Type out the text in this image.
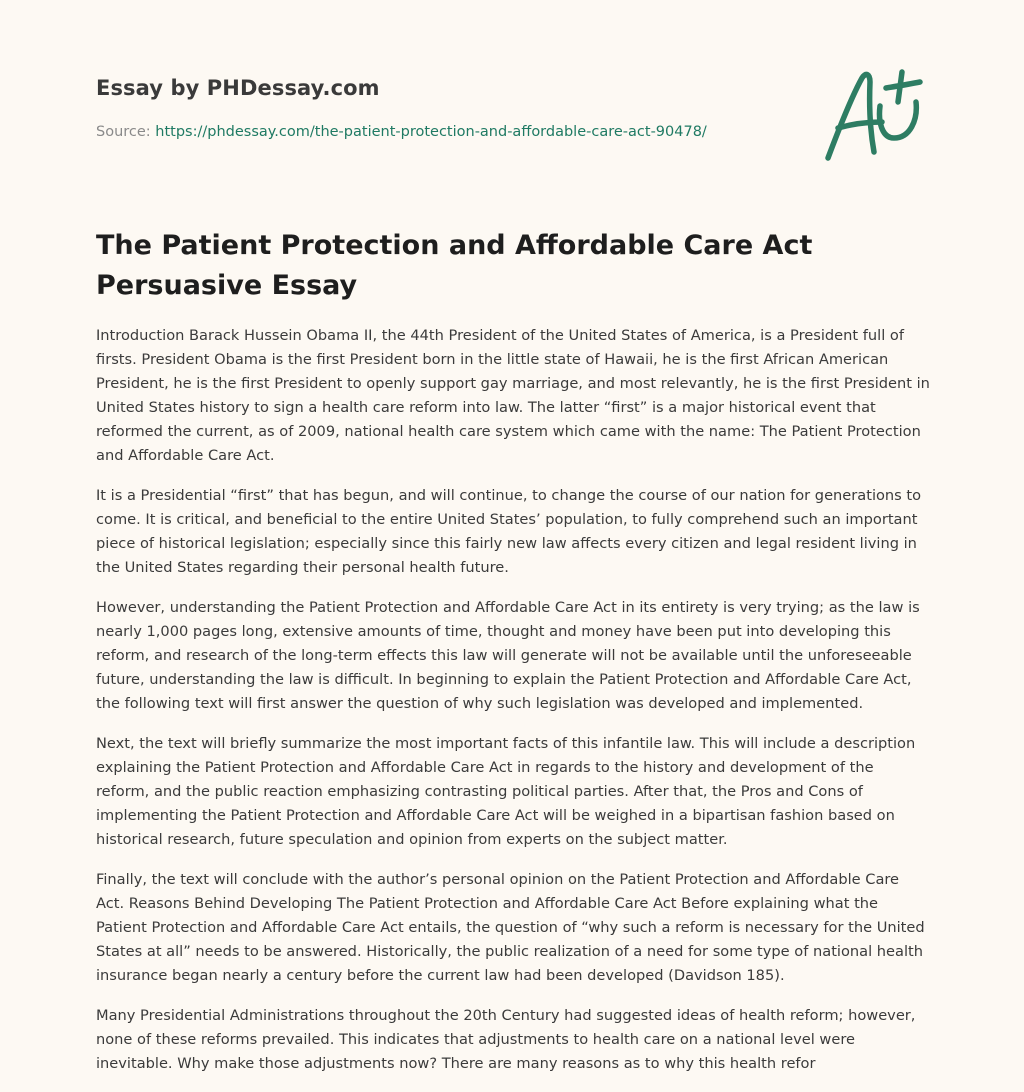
Essay by PHDessay.com
Source: https://phdessay.com/the-patient-protection-and-affordable-care-act-90478/
The Patient Protection and Affordable Care Act
Persuasive Essay

Introduction Barack Hussein Obama II, the 44th President of the United States of America, is a President full of firsts. President Obama is the first President born in the little state of Hawaii, he is the first African American President, he is the first President to openly support gay marriage, and most relevantly, he is the first President in United States history to sign a health care reform into law. The latter “first” is a major historical event that reformed the current, as of 2009, national health care system which came with the name: The Patient Protection and Affordable Care Act.

It is a Presidential “first” that has begun, and will continue, to change the course of our nation for generations to come. It is critical, and beneficial to the entire United States’ population, to fully comprehend such an important piece of historical legislation; especially since this fairly new law affects every citizen and legal resident living in the United States regarding their personal health future.

However, understanding the Patient Protection and Affordable Care Act in its entirety is very trying; as the law is nearly 1,000 pages long, extensive amounts of time, thought and money have been put into developing this reform, and research of the long-term effects this law will generate will not be available until the unforeseeable future, understanding the law is difficult. In beginning to explain the Patient Protection and Affordable Care Act, the following text will first answer the question of why such legislation was developed and implemented.

Next, the text will briefly summarize the most important facts of this infantile law. This will include a description explaining the Patient Protection and Affordable Care Act in regards to the history and development of the reform, and the public reaction emphasizing contrasting political parties. After that, the Pros and Cons of implementing the Patient Protection and Affordable Care Act will be weighed in a bipartisan fashion based on historical research, future speculation and opinion from experts on the subject matter.

Finally, the text will conclude with the author’s personal opinion on the Patient Protection and Affordable Care Act. Reasons Behind Developing The Patient Protection and Affordable Care Act Before explaining what the Patient Protection and Affordable Care Act entails, the question of “why such a reform is necessary for the United States at all” needs to be answered. Historically, the public realization of a need for some type of national health insurance began nearly a century before the current law had been developed (Davidson 185).

Many Presidential Administrations throughout the 20th Century had suggested ideas of health reform; however, none of these reforms prevailed. This indicates that adjustments to health care on a national level were inevitable. Why make those adjustments now? There are many reasons as to why this health refor
